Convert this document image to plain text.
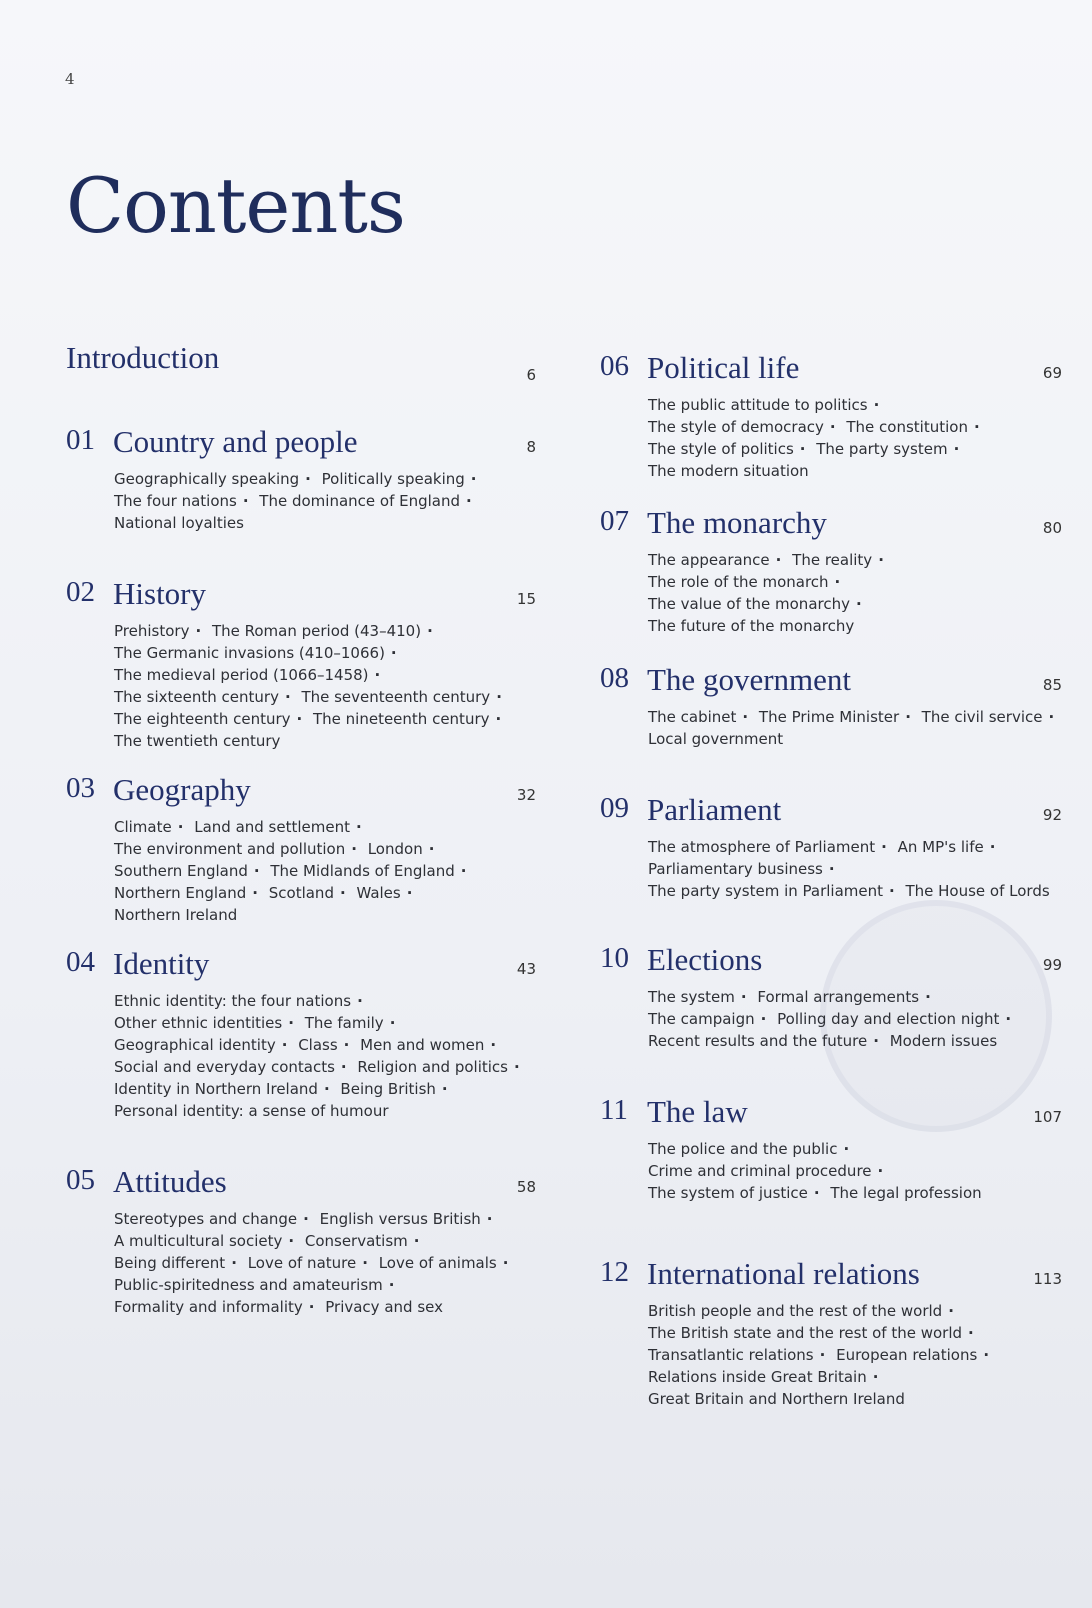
4
Contents
Introduction	6
01 Country and people	8
Geographically speaking · Politically speaking · The four nations · The dominance of England · National loyalties
02 History	15
Prehistory · The Roman period (43–410) · The Germanic invasions (410–1066) · The medieval period (1066–1458) · The sixteenth century · The seventeenth century · The eighteenth century · The nineteenth century · The twentieth century
03 Geography	32
Climate · Land and settlement · The environment and pollution · London · Southern England · The Midlands of England · Northern England · Scotland · Wales · Northern Ireland
04 Identity	43
Ethnic identity: the four nations · Other ethnic identities · The family · Geographical identity · Class · Men and women · Social and everyday contacts · Religion and politics · Identity in Northern Ireland · Being British · Personal identity: a sense of humour
05 Attitudes	58
Stereotypes and change · English versus British · A multicultural society · Conservatism · Being different · Love of nature · Love of animals · Public-spiritedness and amateurism · Formality and informality · Privacy and sex
06 Political life	69
The public attitude to politics · The style of democracy · The constitution · The style of politics · The party system · The modern situation
07 The monarchy	80
The appearance · The reality · The role of the monarch · The value of the monarchy · The future of the monarchy
08 The government	85
The cabinet · The Prime Minister · The civil service · Local government
09 Parliament	92
The atmosphere of Parliament · An MP's life · Parliamentary business · The party system in Parliament · The House of Lords
10 Elections	99
The system · Formal arrangements · The campaign · Polling day and election night · Recent results and the future · Modern issues
11 The law	107
The police and the public · Crime and criminal procedure · The system of justice · The legal profession
12 International relations	113
British people and the rest of the world · The British state and the rest of the world · Transatlantic relations · European relations · Relations inside Great Britain · Great Britain and Northern Ireland
